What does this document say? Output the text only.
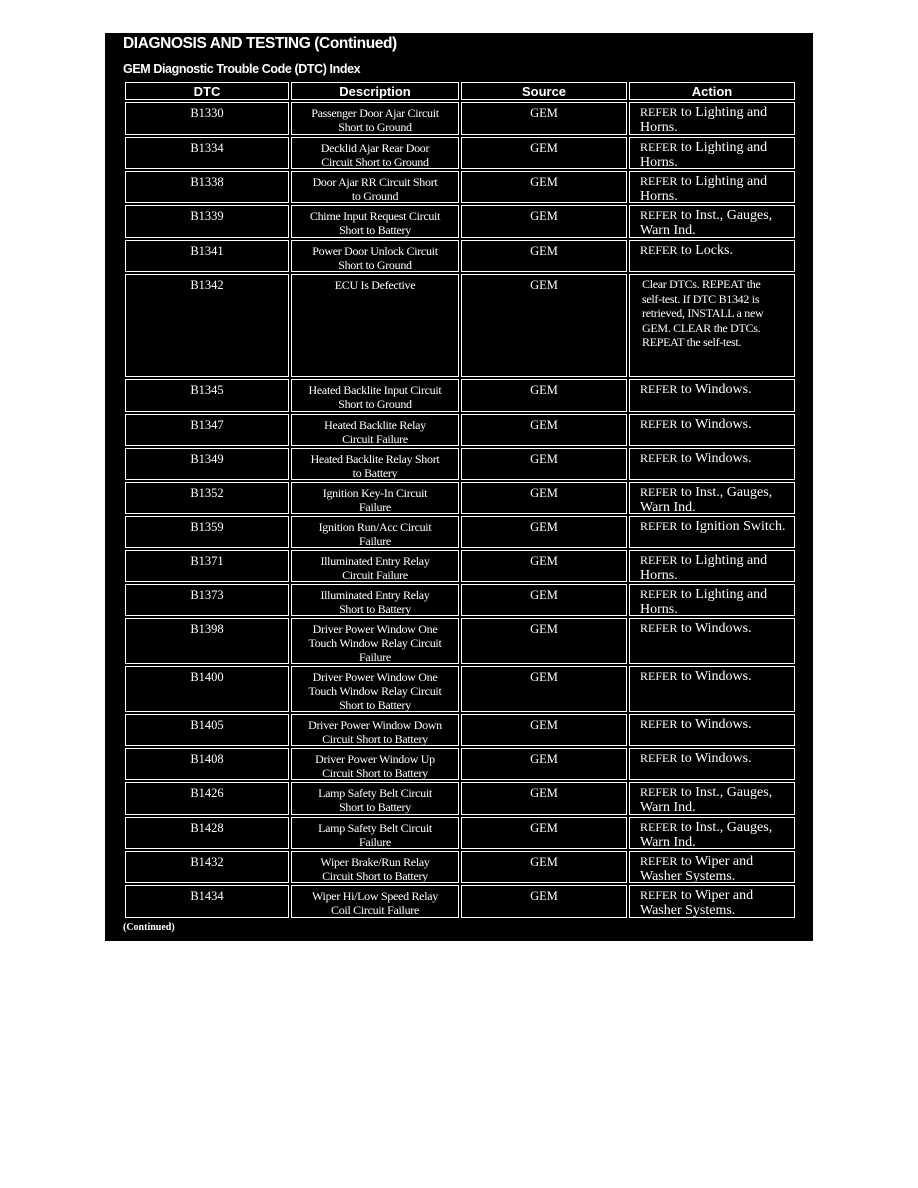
DIAGNOSIS AND TESTING (Continued)
GEM Diagnostic Trouble Code (DTC) Index
DTC	Description	Source	Action
B1330	Passenger Door Ajar Circuit
Short to Ground
GEM	REFER to Lighting and
Horns.
B1334	Decklid Ajar Rear Door
Circuit Short to Ground
GEM	REFER to Lighting and
Horns.
B1338	Door Ajar RR Circuit Short
to Ground
GEM	REFER to Lighting and
Horns.
B1339	Chime Input Request Circuit
Short to Battery
GEM	REFER to Inst., Gauges,
Warn Ind.
B1341	Power Door Unlock Circuit
Short to Ground
GEM	REFER to Locks.
B1342	ECU Is Defective	GEM	Clear DTCs. REPEAT the
self-test. If DTC B1342 is
retrieved, INSTALL a new
GEM. CLEAR the DTCs.
REPEAT the self-test.
B1345	Heated Backlite Input Circuit
Short to Ground
GEM	REFER to Windows.
B1347	Heated Backlite Relay
Circuit Failure
GEM	REFER to Windows.
B1349	Heated Backlite Relay Short
to Battery
GEM	REFER to Windows.
B1352	Ignition Key-In Circuit
Failure
GEM	REFER to Inst., Gauges,
Warn Ind.
B1359	Ignition Run/Acc Circuit
Failure
GEM	REFER to Ignition Switch.
B1371	Illuminated Entry Relay
Circuit Failure
GEM	REFER to Lighting and
Horns.
B1373	Illuminated Entry Relay
Short to Battery
GEM	REFER to Lighting and
Horns.
B1398	Driver Power Window One
Touch Window Relay Circuit
Failure
GEM	REFER to Windows.
B1400	Driver Power Window One
Touch Window Relay Circuit
Short to Battery
GEM	REFER to Windows.
B1405	Driver Power Window Down
Circuit Short to Battery
GEM	REFER to Windows.
B1408	Driver Power Window Up
Circuit Short to Battery
GEM	REFER to Windows.
B1426	Lamp Safety Belt Circuit
Short to Battery
GEM	REFER to Inst., Gauges,
Warn Ind.
B1428	Lamp Safety Belt Circuit
Failure
GEM	REFER to Inst., Gauges,
Warn Ind.
B1432	Wiper Brake/Run Relay
Circuit Short to Battery
GEM	REFER to Wiper and
Washer Systems.
B1434	Wiper Hi/Low Speed Relay
Coil Circuit Failure
GEM	REFER to Wiper and
Washer Systems.
(Continued)
